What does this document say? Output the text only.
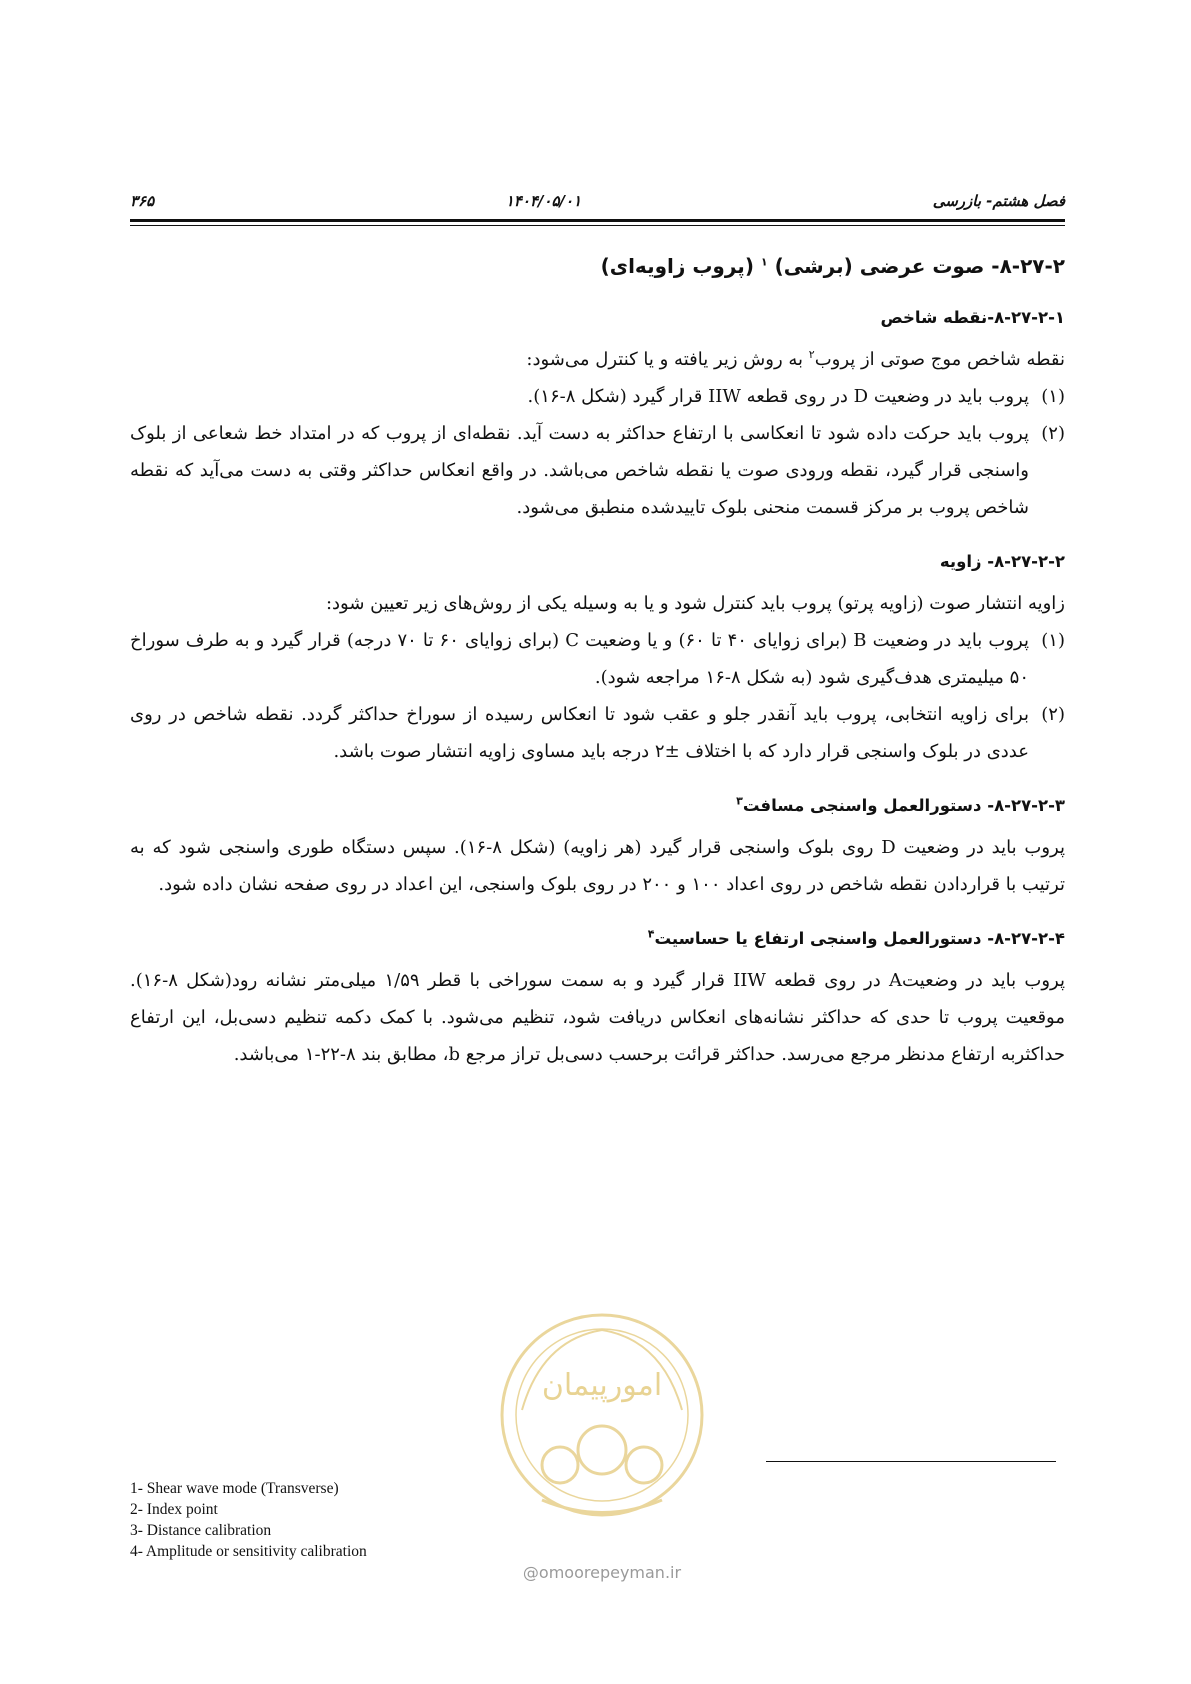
۳۶۵	۱۴۰۴/۰۵/۰۱	فصل هشتم- بازرسی
۸-۲۷-۲- صوت عرضی (برشی) $^۱$ (پروب زاویه‌ای)
۸-۲۷-۲-۱-نقطه شاخص

نقطه شاخص موج صوتی از پروب$^۲$ به روش زیر یافته و یا کنترل می‌شود:

(۱)
پروب باید در وضعیت D در روی قطعه IIW قرار گیرد (شکل ۸-۱۶).
(۲)
پروب باید حرکت داده شود تا انعکاسی با ارتفاع حداکثر به دست آید. نقطه‌ای از پروب که در امتداد خط شعاعی از بلوک واسنجی قرار گیرد، نقطه ورودی صوت یا نقطه شاخص می‌باشد. در واقع انعکاس حداکثر وقتی به دست می‌آید که نقطه شاخص پروب بر مرکز قسمت منحنی بلوک تاییدشده منطبق می‌شود.
۸-۲۷-۲-۲- زاویه

زاویه انتشار صوت (زاویه پرتو) پروب باید کنترل شود و یا به وسیله یکی از روش‌های زیر تعیین شود:

(۱)
پروب باید در وضعیت B (برای زوایای ۴۰ تا ۶۰) و یا وضعیت C (برای زوایای ۶۰ تا ۷۰ درجه) قرار گیرد و به طرف سوراخ ۵۰ میلیمتری هدف‌گیری شود (به شکل ۸-۱۶ مراجعه شود).
(۲)
برای زاویه انتخابی، پروب باید آنقدر جلو و عقب شود تا انعکاس رسیده از سوراخ حداکثر گردد. نقطه شاخص در روی عددی در بلوک واسنجی قرار دارد که با اختلاف ±۲ درجه باید مساوی زاویه انتشار صوت باشد.
۸-۲۷-۲-۳- دستورالعمل واسنجی مسافت$^۳$

پروب باید در وضعیت D روی بلوک واسنجی قرار گیرد (هر زاویه) (شکل ۸-۱۶). سپس دستگاه طوری واسنجی شود که به ترتیب با قراردادن نقطه شاخص در روی اعداد ۱۰۰ و ۲۰۰ در روی بلوک واسنجی، این اعداد در روی صفحه نشان داده شود.

۸-۲۷-۲-۴- دستورالعمل واسنجی ارتفاع یا حساسیت$^۴$

پروب باید در وضعیتA در روی قطعه IIW قرار گیرد و به سمت سوراخی با قطر ۱/۵۹ میلی‌متر نشانه رود(شکل ۸-۱۶). موقعیت پروب تا حدی که حداکثر نشانه‌های انعکاس دریافت شود، تنظیم می‌شود. با کمک دکمه تنظیم دسی‌بل، این ارتفاع حداکثربه ارتفاع مدنظر مرجع می‌رسد. حداکثر قرائت برحسب دسی‌بل تراز مرجع b، مطابق بند ۸-۲۲-۱ می‌باشد.

امورپیمان
@omoorepeyman.ir
1- Shear wave mode (Transverse)
2- Index point
3- Distance calibration
4- Amplitude or sensitivity calibration
